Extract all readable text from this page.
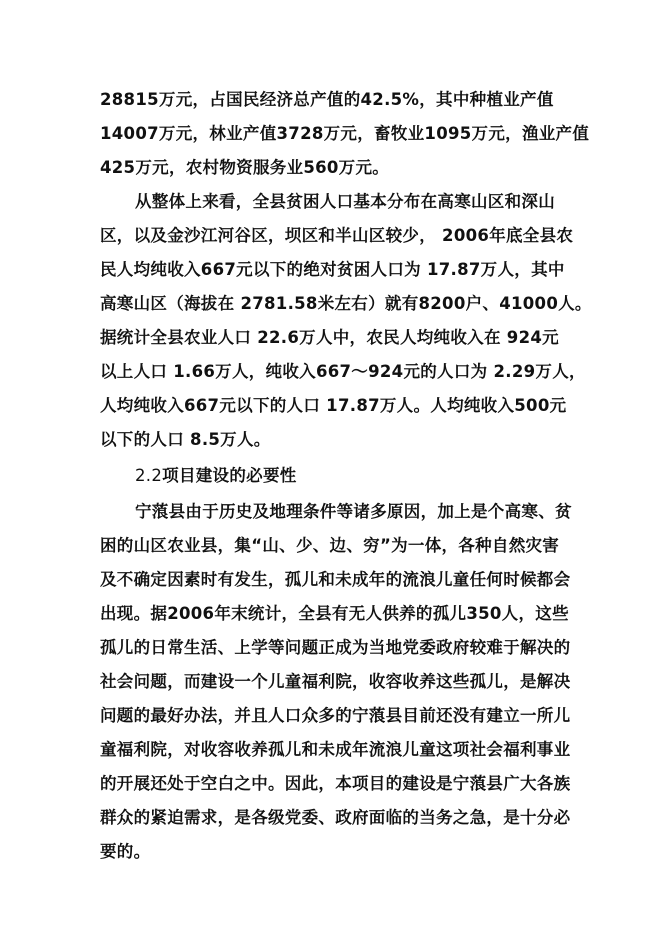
28815万元，占国民经济总产值的42.5%，其中种植业产值
14007万元，林业产值3728万元，畜牧业1095万元，渔业产值
425万元，农村物资服务业560万元。
从整体上来看，全县贫困人口基本分布在高寒山区和深山
区，以及金沙江河谷区，坝区和半山区较少， 2006年底全县农
民人均纯收入667元以下的绝对贫困人口为 17.87万人，其中
高寒山区（海拔在 2781.58米左右）就有8200户、41000人。
据统计全县农业人口 22.6万人中，农民人均纯收入在 924元
以上人口 1.66万人，纯收入667～924元的人口为 2.29万人，
人均纯收入667元以下的人口 17.87万人。人均纯收入500元
以下的人口 8.5万人。
2.2项目建设的必要性
宁蒗县由于历史及地理条件等诸多原因，加上是个高寒、贫
困的山区农业县，集“山、少、边、穷”为一体，各种自然灾害
及不确定因素时有发生，孤儿和未成年的流浪儿童任何时候都会
出现。据2006年末统计，全县有无人供养的孤儿350人，这些
孤儿的日常生活、上学等问题正成为当地党委政府较难于解决的
社会问题，而建设一个儿童福利院，收容收养这些孤儿，是解决
问题的最好办法，并且人口众多的宁蒗县目前还没有建立一所儿
童福利院，对收容收养孤儿和未成年流浪儿童这项社会福利事业
的开展还处于空白之中。因此，本项目的建设是宁蒗县广大各族
群众的紧迫需求，是各级党委、政府面临的当务之急，是十分必
要的。
